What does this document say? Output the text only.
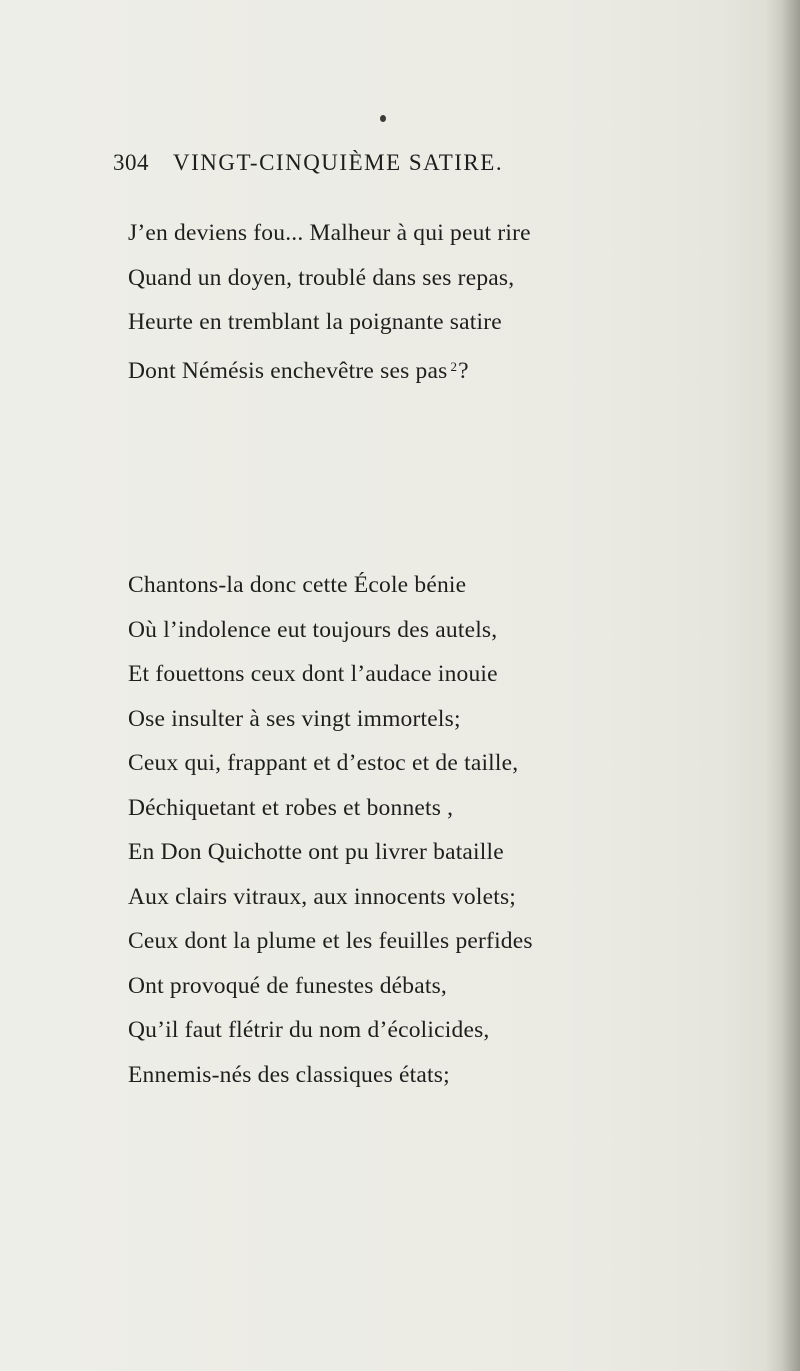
304 VINGT-CINQUIÈME SATIRE.
J’en deviens fou... Malheur à qui peut rire
Quand un doyen, troublé dans ses repas,
Heurte en tremblant la poignante satire
Dont Némésis enchevêtre ses pas $^2$?
Chantons-la donc cette École bénie
Où l’indolence eut toujours des autels,
Et fouettons ceux dont l’audace inouie
Ose insulter à ses vingt immortels;
Ceux qui, frappant et d’estoc et de taille,
Déchiquetant et robes et bonnets ,
En Don Quichotte ont pu livrer bataille
Aux clairs vitraux, aux innocents volets;
Ceux dont la plume et les feuilles perfides
Ont provoqué de funestes débats,
Qu’il faut flétrir du nom d’écolicides,
Ennemis-nés des classiques états;
